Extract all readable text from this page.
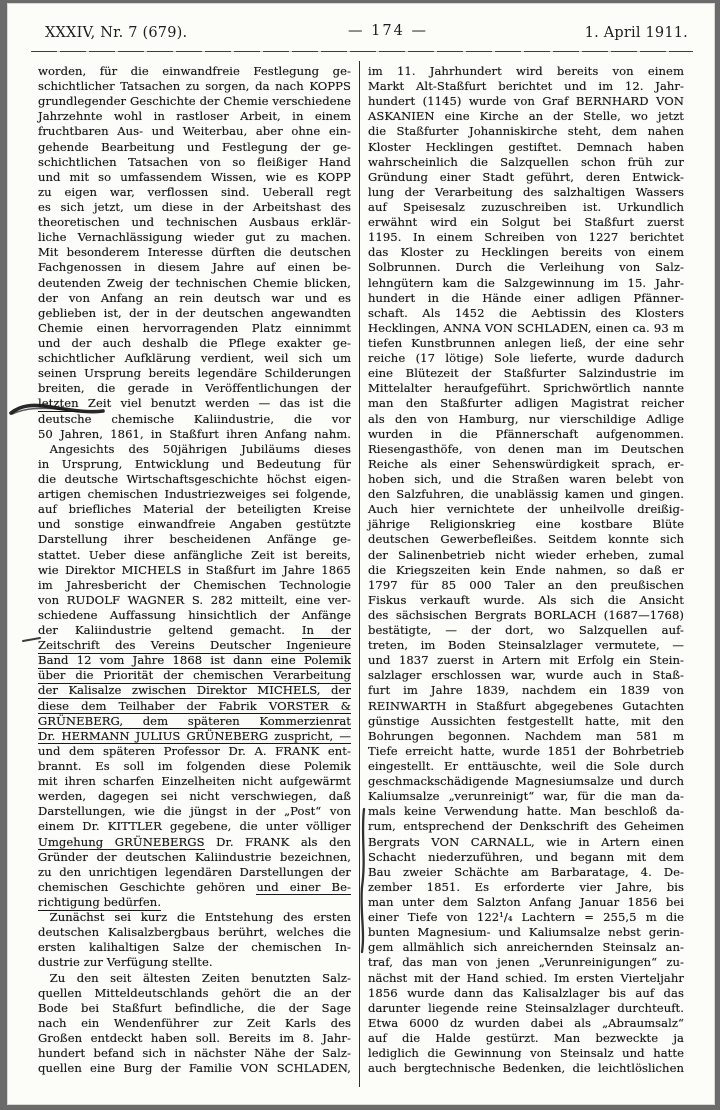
XXXIV, Nr. 7 (679).	— 174 —	1. April 1911.
worden, für die einwandfreie Festlegung ge-
schichtlicher Tatsachen zu sorgen, da nach KOPPS
grundlegender Geschichte der Chemie verschiedene
Jahrzehnte wohl in rastloser Arbeit, in einem
fruchtbaren Aus- und Weiterbau, aber ohne ein-
gehende Bearbeitung und Festlegung der ge-
schichtlichen Tatsachen von so fleißiger Hand
und mit so umfassendem Wissen, wie es KOPP
zu eigen war, verflossen sind. Ueberall regt
es sich jetzt, um diese in der Arbeitshast des
theoretischen und technischen Ausbaus erklär-
liche Vernachlässigung wieder gut zu machen.
Mit besonderem Interesse dürften die deutschen
Fachgenossen in diesem Jahre auf einen be-
deutenden Zweig der technischen Chemie blicken,
der von Anfang an rein deutsch war und es
geblieben ist, der in der deutschen angewandten
Chemie einen hervorragenden Platz einnimmt
und der auch deshalb die Pflege exakter ge-
schichtlicher Aufklärung verdient, weil sich um
seinen Ursprung bereits legendäre Schilderungen
breiten, die gerade in Veröffentlichungen der
letzten Zeit viel benutzt werden — das ist die
deutsche chemische Kaliindustrie, die vor
50 Jahren, 1861, in Staßfurt ihren Anfang nahm.
 Angesichts des 50jährigen Jubiläums dieses
in Ursprung, Entwicklung und Bedeutung für
die deutsche Wirtschaftsgeschichte höchst eigen-
artigen chemischen Industriezweiges sei folgende,
auf briefliches Material der beteiligten Kreise
und sonstige einwandfreie Angaben gestützte
Darstellung ihrer bescheidenen Anfänge ge-
stattet. Ueber diese anfängliche Zeit ist bereits,
wie Direktor MICHELS in Staßfurt im Jahre 1865
im Jahresbericht der Chemischen Technologie
von RUDOLF WAGNER S. 282 mitteilt, eine ver-
schiedene Auffassung hinsichtlich der Anfänge
der Kaliindustrie geltend gemacht. In der
Zeitschrift des Vereins Deutscher Ingenieure
Band 12 vom Jahre 1868 ist dann eine Polemik
über die Priorität der chemischen Verarbeitung
der Kalisalze zwischen Direktor MICHELS, der
diese dem Teilhaber der Fabrik VORSTER &
GRÜNEBERG, dem späteren Kommerzienrat
Dr. HERMANN JULIUS GRÜNEBERG zuspricht, —
und dem späteren Professor Dr. A. FRANK ent-
brannt. Es soll im folgenden diese Polemik
mit ihren scharfen Einzelheiten nicht aufgewärmt
werden, dagegen sei nicht verschwiegen, daß
Darstellungen, wie die jüngst in der „Post“ von
einem Dr. KITTLER gegebene, die unter völliger
Umgehung GRÜNEBERGS Dr. FRANK als den
Gründer der deutschen Kaliindustrie bezeichnen,
zu den unrichtigen legendären Darstellungen der
chemischen Geschichte gehören und einer Be-
richtigung bedürfen.
 Zunächst sei kurz die Entstehung des ersten
deutschen Kalisalzbergbaus berührt, welches die
ersten kalihaltigen Salze der chemischen In-
dustrie zur Verfügung stellte.
 Zu den seit ältesten Zeiten benutzten Salz-
quellen Mitteldeutschlands gehört die an der
Bode bei Staßfurt befindliche, die der Sage
nach ein Wendenführer zur Zeit Karls des
Großen entdeckt haben soll. Bereits im 8. Jahr-
hundert befand sich in nächster Nähe der Salz-
quellen eine Burg der Familie VON SCHLADEN,
im 11. Jahrhundert wird bereits von einem
Markt Alt-Staßfurt berichtet und im 12. Jahr-
hundert (1145) wurde von Graf BERNHARD VON
ASKANIEN eine Kirche an der Stelle, wo jetzt
die Staßfurter Johanniskirche steht, dem nahen
Kloster Hecklingen gestiftet. Demnach haben
wahrscheinlich die Salzquellen schon früh zur
Gründung einer Stadt geführt, deren Entwick-
lung der Verarbeitung des salzhaltigen Wassers
auf Speisesalz zuzuschreiben ist. Urkundlich
erwähnt wird ein Solgut bei Staßfurt zuerst
1195. In einem Schreiben von 1227 berichtet
das Kloster zu Hecklingen bereits von einem
Solbrunnen. Durch die Verleihung von Salz-
lehngütern kam die Salzgewinnung im 15. Jahr-
hundert in die Hände einer adligen Pfänner-
schaft. Als 1452 die Aebtissin des Klosters
Hecklingen, ANNA VON SCHLADEN, einen ca. 93 m
tiefen Kunstbrunnen anlegen ließ, der eine sehr
reiche (17 lötige) Sole lieferte, wurde dadurch
eine Blütezeit der Staßfurter Salzindustrie im
Mittelalter heraufgeführt. Sprichwörtlich nannte
man den Staßfurter adligen Magistrat reicher
als den von Hamburg, nur vierschildige Adlige
wurden in die Pfännerschaft aufgenommen.
Riesengasthöfe, von denen man im Deutschen
Reiche als einer Sehenswürdigkeit sprach, er-
hoben sich, und die Straßen waren belebt von
den Salzfuhren, die unablässig kamen und gingen.
Auch hier vernichtete der unheilvolle dreißig-
jährige Religionskrieg eine kostbare Blüte
deutschen Gewerbefleißes. Seitdem konnte sich
der Salinenbetrieb nicht wieder erheben, zumal
die Kriegszeiten kein Ende nahmen, so daß er
1797 für 85 000 Taler an den preußischen
Fiskus verkauft wurde. Als sich die Ansicht
des sächsischen Bergrats BORLACH (1687—1768)
bestätigte, — der dort, wo Salzquellen auf-
treten, im Boden Steinsalzlager vermutete, —
und 1837 zuerst in Artern mit Erfolg ein Stein-
salzlager erschlossen war, wurde auch in Staß-
furt im Jahre 1839, nachdem ein 1839 von
REINWARTH in Staßfurt abgegebenes Gutachten
günstige Aussichten festgestellt hatte, mit den
Bohrungen begonnen. Nachdem man 581 m
Tiefe erreicht hatte, wurde 1851 der Bohrbetrieb
eingestellt. Er enttäuschte, weil die Sole durch
geschmackschädigende Magnesiumsalze und durch
Kaliumsalze „verunreinigt“ war, für die man da-
mals keine Verwendung hatte. Man beschloß da-
rum, entsprechend der Denkschrift des Geheimen
Bergrats VON CARNALL, wie in Artern einen
Schacht niederzuführen, und begann mit dem
Bau zweier Schächte am Barbaratage, 4. De-
zember 1851. Es erforderte vier Jahre, bis
man unter dem Salzton Anfang Januar 1856 bei
einer Tiefe von 122¹/₄ Lachtern = 255,5 m die
bunten Magnesium- und Kaliumsalze nebst gerin-
gem allmählich sich anreichernden Steinsalz an-
traf, das man von jenen „Verunreinigungen“ zu-
nächst mit der Hand schied. Im ersten Vierteljahr
1856 wurde dann das Kalisalzlager bis auf das
darunter liegende reine Steinsalzlager durchteuft.
Etwa 6000 dz wurden dabei als „Abraumsalz“
auf die Halde gestürzt. Man bezweckte ja
lediglich die Gewinnung von Steinsalz und hatte
auch bergtechnische Bedenken, die leichtlöslichen
